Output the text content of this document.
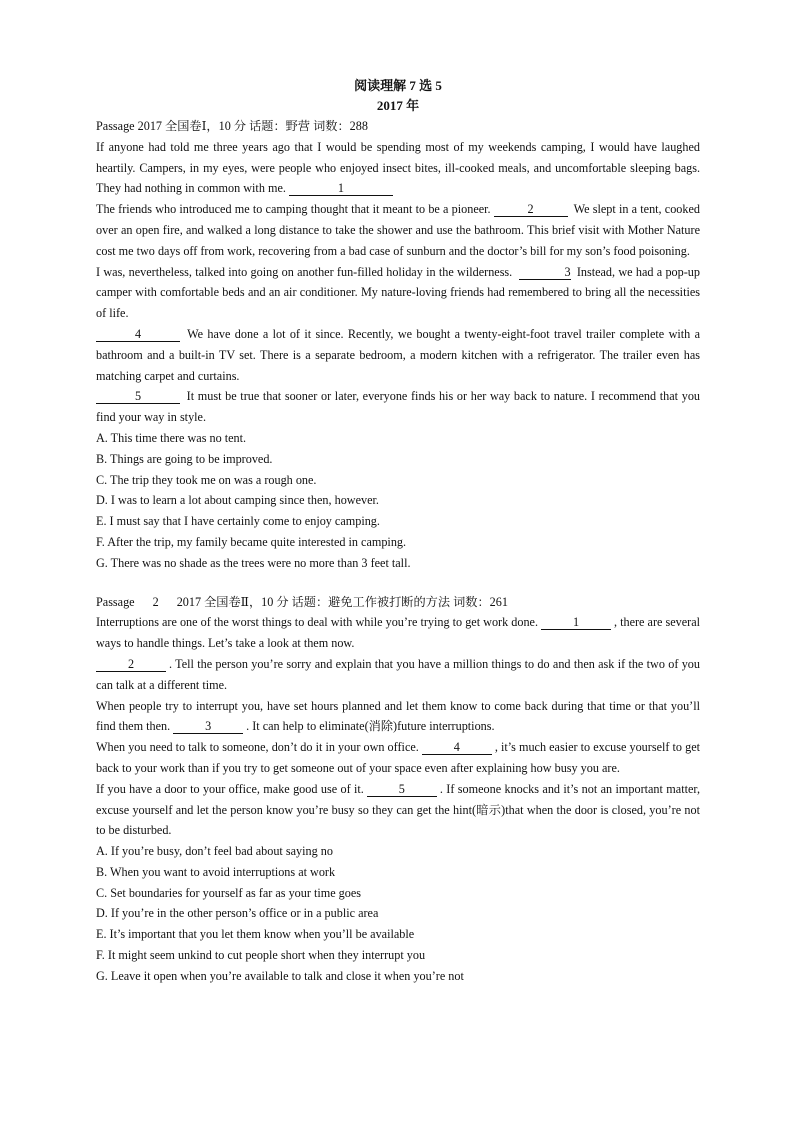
阅读理解 7 选 5
2017 年

Passage 2017 全国卷Ⅰ，10 分 话题：野营 词数：288

If anyone had told me three years ago that I would be spending most of my weekends camping, I would have laughed heartily. Campers, in my eyes, were people who enjoyed insect bites, ill-cooked meals, and uncomfortable sleeping bags. They had nothing in common with me.	1

The friends who introduced me to camping thought that it meant to be a pioneer.	2	We slept in a tent, cooked over an open fire, and walked a long distance to take the shower and use the bathroom. This brief visit with Mother Nature cost me two days off from work, recovering from a bad case of sunburn and the doctor’s bill for my son’s food poisoning.

I was, nevertheless, talked into going on another fun-filled holiday in the wilderness.	3 Instead, we had a pop-up camper with comfortable beds and an air conditioner. My nature-loving friends had remembered to bring all the necessities of life.

4	We have done a lot of it since. Recently, we bought a twenty-eight-foot travel trailer complete with a bathroom and a built-in TV set. There is a separate bedroom, a modern kitchen with a refrigerator. The trailer even has matching carpet and curtains.

5	It must be true that sooner or later, everyone finds his or her way back to nature. I recommend that you find your way in style.

A. This time there was no tent.

B. Things are going to be improved.

C. The trip they took me on was a rough one.

D. I was to learn a lot about camping since then, however.

E. I must say that I have certainly come to enjoy camping.

F. After the trip, my family became quite interested in camping.

G. There was no shade as the trees were no more than 3 feet tall.

Passage 2 2017 全国卷Ⅱ，10 分 话题：避免工作被打断的方法 词数：261

Interruptions are one of the worst things to deal with while you’re trying to get work done.	1	, there are several ways to handle things. Let’s take a look at them now.

2	. Tell the person you’re sorry and explain that you have a million things to do and then ask if the two of you can talk at a different time.

When people try to interrupt you, have set hours planned and let them know to come back during that time or that you’ll find them then.	3	. It can help to eliminate(消除)future interruptions.

When you need to talk to someone, don’t do it in your own office.	4	, it’s much easier to excuse yourself to get back to your work than if you try to get someone out of your space even after explaining how busy you are.

If you have a door to your office, make good use of it.	5	. If someone knocks and it’s not an important matter, excuse yourself and let the person know you’re busy so they can get the hint(暗示)that when the door is closed, you’re not to be disturbed.

A. If you’re busy, don’t feel bad about saying no

B. When you want to avoid interruptions at work

C. Set boundaries for yourself as far as your time goes

D. If you’re in the other person’s office or in a public area

E. It’s important that you let them know when you’ll be available

F. It might seem unkind to cut people short when they interrupt you

G. Leave it open when you’re available to talk and close it when you’re not
